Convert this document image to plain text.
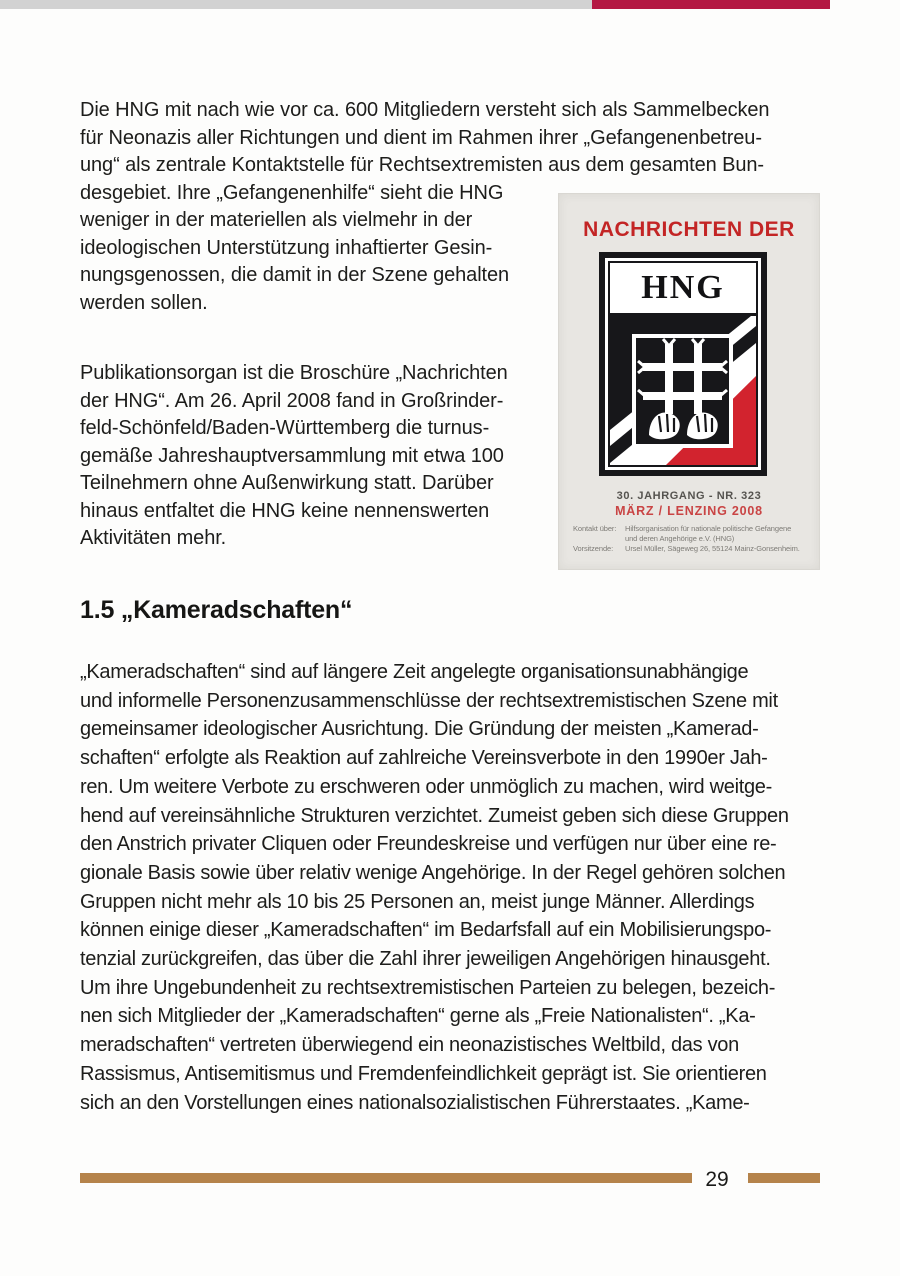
Die HNG mit nach wie vor ca. 600 Mitgliedern versteht sich als Sammelbecken
für Neonazis aller Richtungen und dient im Rahmen ihrer „Gefangenenbetreu-
ung“ als zentrale Kontaktstelle für Rechtsextremisten aus dem gesamten Bun-
desgebiet. Ihre „Gefangenenhilfe“ sieht die HNG
weniger in der materiellen als vielmehr in der
ideologischen Unterstützung inhaftierter Gesin-
nungsgenossen, die damit in der Szene gehalten
werden sollen.
NACHRICHTEN DER
HNG
30. JAHRGANG - NR. 323
MÄRZ / LENZING 2008
Kontakt über:	Hilfsorganisation für nationale politische Gefangene
und deren Angehörige e.V. (HNG)
Vorsitzende:	Ursel Müller, Sägeweg 26, 55124 Mainz-Gonsenheim.
Publikationsorgan ist die Broschüre „Nachrichten
der HNG“. Am 26. April 2008 fand in Großrinder-
feld-Schönfeld/Baden-Württemberg die turnus-
gemäße Jahreshauptversammlung mit etwa 100
Teilnehmern ohne Außenwirkung statt. Darüber
hinaus entfaltet die HNG keine nennenswerten
Aktivitäten mehr.
1.5 „Kameradschaften“
„Kameradschaften“ sind auf längere Zeit angelegte organisationsunabhängige
und informelle Personenzusammenschlüsse der rechtsextremistischen Szene mit
gemeinsamer ideologischer Ausrichtung. Die Gründung der meisten „Kamerad-
schaften“ erfolgte als Reaktion auf zahlreiche Vereinsverbote in den 1990er Jah-
ren. Um weitere Verbote zu erschweren oder unmöglich zu machen, wird weitge-
hend auf vereinsähnliche Strukturen verzichtet. Zumeist geben sich diese Gruppen
den Anstrich privater Cliquen oder Freundeskreise und verfügen nur über eine re-
gionale Basis sowie über relativ wenige Angehörige. In der Regel gehören solchen
Gruppen nicht mehr als 10 bis 25 Personen an, meist junge Männer. Allerdings
können einige dieser „Kameradschaften“ im Bedarfsfall auf ein Mobilisierungspo-
tenzial zurückgreifen, das über die Zahl ihrer jeweiligen Angehörigen hinausgeht.
Um ihre Ungebundenheit zu rechtsextremistischen Parteien zu belegen, bezeich-
nen sich Mitglieder der „Kameradschaften“ gerne als „Freie Nationalisten“. „Ka-
meradschaften“ vertreten überwiegend ein neonazistisches Weltbild, das von
Rassismus, Antisemitismus und Fremdenfeindlichkeit geprägt ist. Sie orientieren
sich an den Vorstellungen eines nationalsozialistischen Führerstaates. „Kame-
29
